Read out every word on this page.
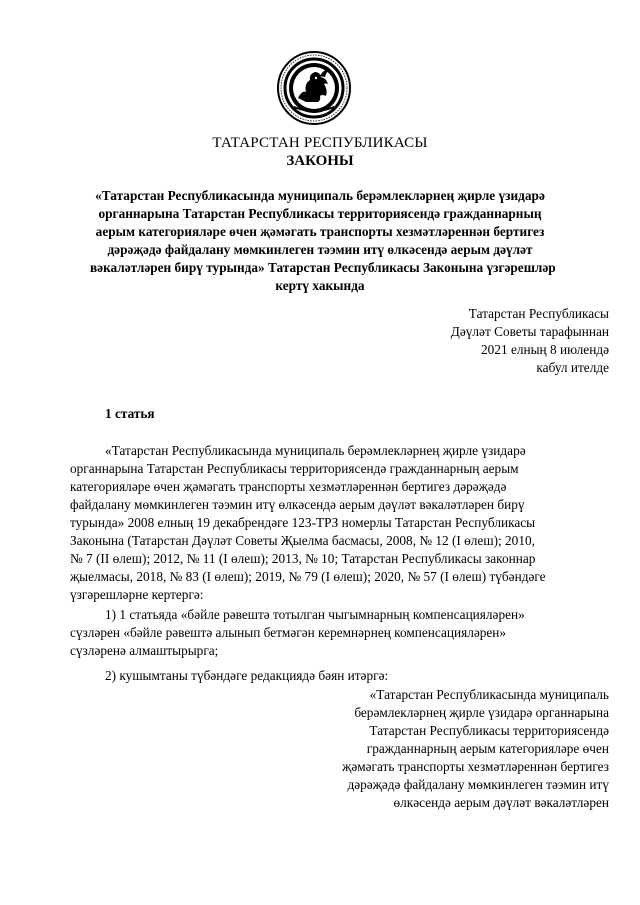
ТАТАРСТАН РЕСПУБЛИКАСЫ
ЗАКОНЫ
«Татарстан Республикасында муниципаль берәмлекләрнең җирле үзидарә
органнарына Татарстан Республикасы территориясендә гражданнарның
аерым категорияләре өчен җәмәгать транспорты хезмәтләреннән бертигез
дәрәҗәдә файдалану мөмкинлеген тәэмин итү өлкәсендә аерым дәүләт
вәкаләтләрен бирү турында» Татарстан Республикасы Законына үзгәрешләр
кертү хакында
Татарстан Республикасы
Дәүләт Советы тарафыннан
2021 елның 8 июлендә
кабул ителде
1 статья
«Татарстан Республикасында муниципаль берәмлекләрнең җирле үзидарә
органнарына Татарстан Республикасы территориясендә гражданнарның аерым
категорияләре өчен җәмәгать транспорты хезмәтләреннән бертигез дәрәҗәдә
файдалану мөмкинлеген тәэмин итү өлкәсендә аерым дәүләт вәкаләтләрен бирү
турында» 2008 елның 19 декабрендәге 123-ТРЗ номерлы Татарстан Республикасы
Законына (Татарстан Дәүләт Советы Җыелма басмасы, 2008, № 12 (I өлеш); 2010,
№ 7 (II өлеш); 2012, № 11 (I өлеш); 2013, № 10; Татарстан Республикасы законнар
җыелмасы, 2018, № 83 (I өлеш); 2019, № 79 (I өлеш); 2020, № 57 (I өлеш) түбәндәге
үзгәрешләрне кертергә:
1) 1 статьяда «бәйле рәвештә тотылган чыгымнарның компенсацияләрен»
сүзләрен «бәйле рәвештә алынып бетмәгән керемнәрнең компенсацияләрен»
сүзләренә алмаштырырга;
2) кушымтаны түбәндәге редакциядә бәян итәргә:
«Татарстан Республикасында муниципаль
берәмлекләрнең җирле үзидарә органнарына
Татарстан Республикасы территориясендә
гражданнарның аерым категорияләре өчен
җәмәгать транспорты хезмәтләреннән бертигез
дәрәҗәдә файдалану мөмкинлеген тәэмин итү
өлкәсендә аерым дәүләт вәкаләтләрен
